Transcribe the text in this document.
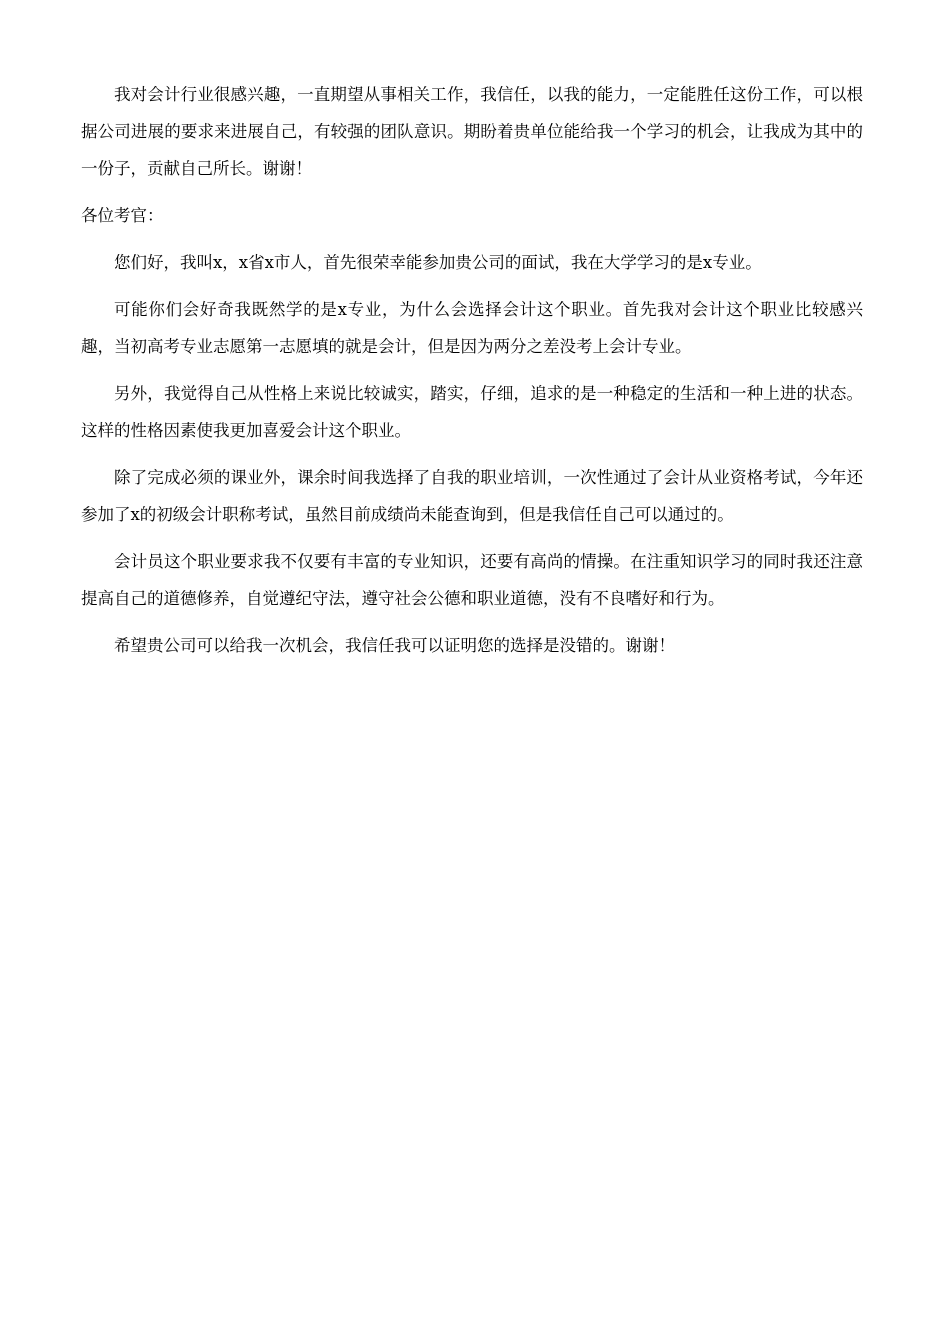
我对会计行业很感兴趣，一直期望从事相关工作，我信任，以我的能力，一定能胜任这份工作，可以根据公司进展的要求来进展自己，有较强的团队意识。期盼着贵单位能给我一个学习的机会，让我成为其中的一份子，贡献自己所长。谢谢！

各位考官：

您们好，我叫x，x省x市人，首先很荣幸能参加贵公司的面试，我在大学学习的是x专业。

可能你们会好奇我既然学的是x专业，为什么会选择会计这个职业。首先我对会计这个职业比较感兴趣，当初高考专业志愿第一志愿填的就是会计，但是因为两分之差没考上会计专业。

另外，我觉得自己从性格上来说比较诚实，踏实，仔细，追求的是一种稳定的生活和一种上进的状态。这样的性格因素使我更加喜爱会计这个职业。

除了完成必须的课业外，课余时间我选择了自我的职业培训，一次性通过了会计从业资格考试，今年还参加了x的初级会计职称考试，虽然目前成绩尚未能查询到，但是我信任自己可以通过的。

会计员这个职业要求我不仅要有丰富的专业知识，还要有高尚的情操。在注重知识学习的同时我还注意提高自己的道德修养，自觉遵纪守法，遵守社会公德和职业道德，没有不良嗜好和行为。

希望贵公司可以给我一次机会，我信任我可以证明您的选择是没错的。谢谢！
